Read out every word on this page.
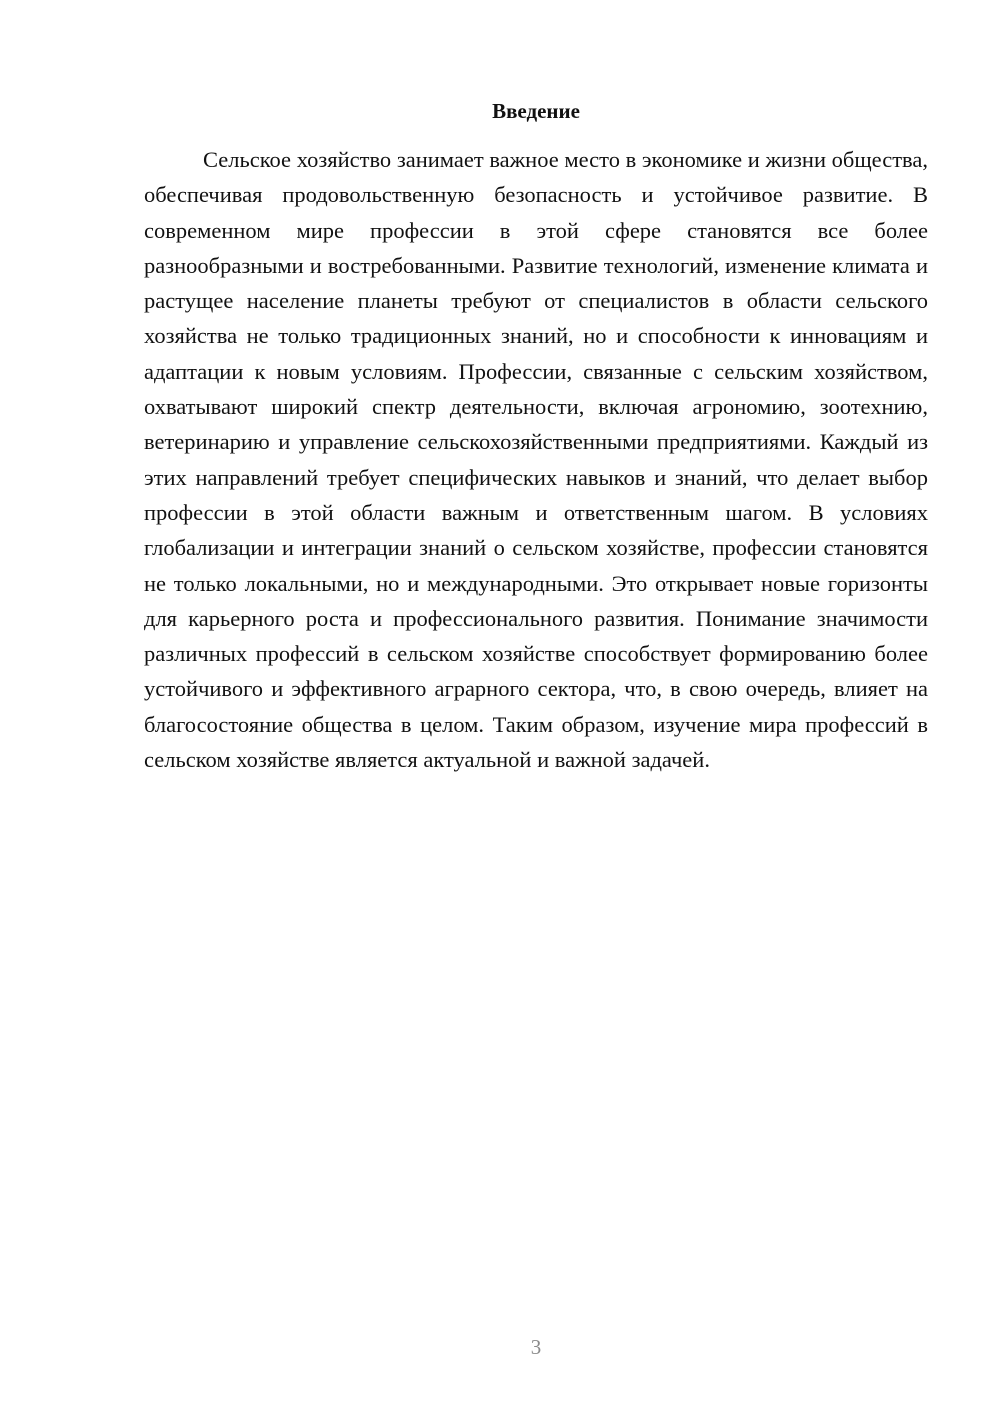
Введение

Сельское хозяйство занимает важное место в экономике и жизни общества, обеспечивая продовольственную безопасность и устойчивое развитие. В современном мире профессии в этой сфере становятся все более разнообразными и востребованными. Развитие технологий, изменение климата и растущее население планеты требуют от специалистов в области сельского хозяйства не только традиционных знаний, но и способности к инновациям и адаптации к новым условиям. Профессии, связанные с сельским хозяйством, охватывают широкий спектр деятельности, включая агрономию, зоотехнию, ветеринарию и управление сельскохозяйственными предприятиями. Каждый из этих направлений требует специфических навыков и знаний, что делает выбор профессии в этой области важным и ответственным шагом. В условиях глобализации и интеграции знаний о сельском хозяйстве, профессии становятся не только локальными, но и международными. Это открывает новые горизонты для карьерного роста и профессионального развития. Понимание значимости различных профессий в сельском хозяйстве способствует формированию более устойчивого и эффективного аграрного сектора, что, в свою очередь, влияет на благосостояние общества в целом. Таким образом, изучение мира профессий в сельском хозяйстве является актуальной и важной задачей.

3
